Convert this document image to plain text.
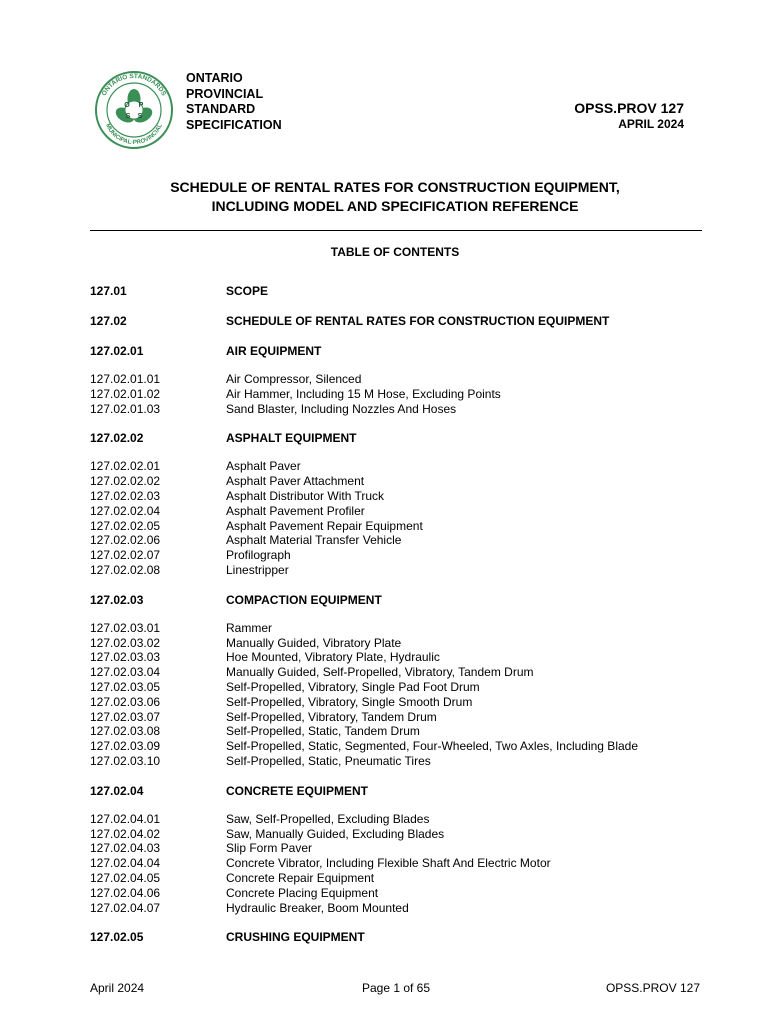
ONTARIO STANDARDS
MUNICIPAL·PROVINCIAL
O P
S S
ONTARIO
PROVINCIAL
STANDARD
SPECIFICATION
OPSS.PROV 127
APRIL 2024
SCHEDULE OF RENTAL RATES FOR CONSTRUCTION EQUIPMENT,
INCLUDING MODEL AND SPECIFICATION REFERENCE
TABLE OF CONTENTS
127.01	SCOPE
127.02	SCHEDULE OF RENTAL RATES FOR CONSTRUCTION EQUIPMENT
127.02.01	AIR EQUIPMENT
127.02.01.01	Air Compressor, Silenced
127.02.01.02	Air Hammer, Including 15 M Hose, Excluding Points
127.02.01.03	Sand Blaster, Including Nozzles And Hoses
127.02.02	ASPHALT EQUIPMENT
127.02.02.01	Asphalt Paver
127.02.02.02	Asphalt Paver Attachment
127.02.02.03	Asphalt Distributor With Truck
127.02.02.04	Asphalt Pavement Profiler
127.02.02.05	Asphalt Pavement Repair Equipment
127.02.02.06	Asphalt Material Transfer Vehicle
127.02.02.07	Profilograph
127.02.02.08	Linestripper
127.02.03	COMPACTION EQUIPMENT
127.02.03.01	Rammer
127.02.03.02	Manually Guided, Vibratory Plate
127.02.03.03	Hoe Mounted, Vibratory Plate, Hydraulic
127.02.03.04	Manually Guided, Self-Propelled, Vibratory, Tandem Drum
127.02.03.05	Self-Propelled, Vibratory, Single Pad Foot Drum
127.02.03.06	Self-Propelled, Vibratory, Single Smooth Drum
127.02.03.07	Self-Propelled, Vibratory, Tandem Drum
127.02.03.08	Self-Propelled, Static, Tandem Drum
127.02.03.09	Self-Propelled, Static, Segmented, Four-Wheeled, Two Axles, Including Blade
127.02.03.10	Self-Propelled, Static, Pneumatic Tires
127.02.04	CONCRETE EQUIPMENT
127.02.04.01	Saw, Self-Propelled, Excluding Blades
127.02.04.02	Saw, Manually Guided, Excluding Blades
127.02.04.03	Slip Form Paver
127.02.04.04	Concrete Vibrator, Including Flexible Shaft And Electric Motor
127.02.04.05	Concrete Repair Equipment
127.02.04.06	Concrete Placing Equipment
127.02.04.07	Hydraulic Breaker, Boom Mounted
127.02.05	CRUSHING EQUIPMENT
April 2024	Page 1 of 65	OPSS.PROV 127
